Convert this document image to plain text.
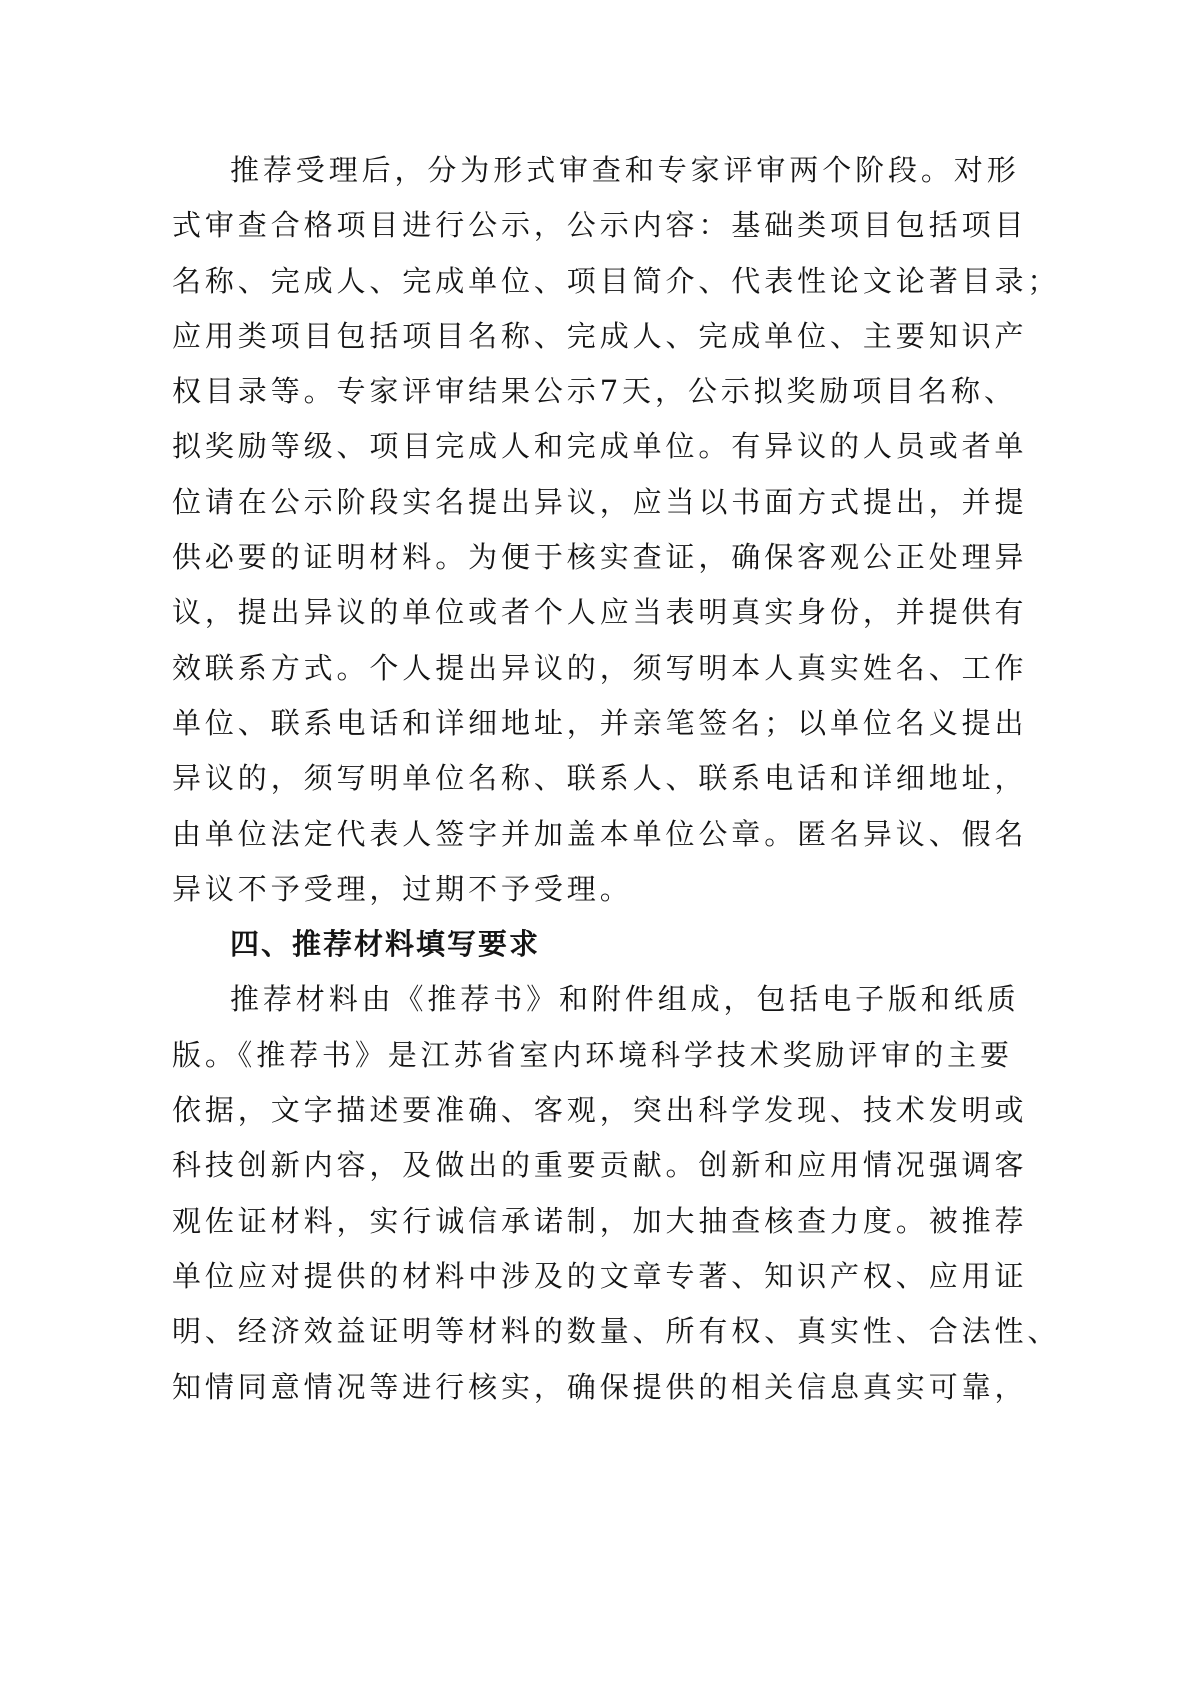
推荐受理后，分为形式审查和专家评审两个阶段。对形
式审查合格项目进行公示，公示内容：基础类项目包括项目
名称、完成人、完成单位、项目简介、代表性论文论著目录；
应用类项目包括项目名称、完成人、完成单位、主要知识产
权目录等。专家评审结果公示7天，公示拟奖励项目名称、
拟奖励等级、项目完成人和完成单位。有异议的人员或者单
位请在公示阶段实名提出异议，应当以书面方式提出，并提
供必要的证明材料。为便于核实查证，确保客观公正处理异
议，提出异议的单位或者个人应当表明真实身份，并提供有
效联系方式。个人提出异议的，须写明本人真实姓名、工作
单位、联系电话和详细地址，并亲笔签名；以单位名义提出
异议的，须写明单位名称、联系人、联系电话和详细地址，
由单位法定代表人签字并加盖本单位公章。匿名异议、假名
异议不予受理，过期不予受理。
四、推荐材料填写要求
推荐材料由《推荐书》和附件组成，包括电子版和纸质
版。《推荐书》是江苏省室内环境科学技术奖励评审的主要
依据，文字描述要准确、客观，突出科学发现、技术发明或
科技创新内容，及做出的重要贡献。创新和应用情况强调客
观佐证材料，实行诚信承诺制，加大抽查核查力度。被推荐
单位应对提供的材料中涉及的文章专著、知识产权、应用证
明、经济效益证明等材料的数量、所有权、真实性、合法性、
知情同意情况等进行核实，确保提供的相关信息真实可靠，
